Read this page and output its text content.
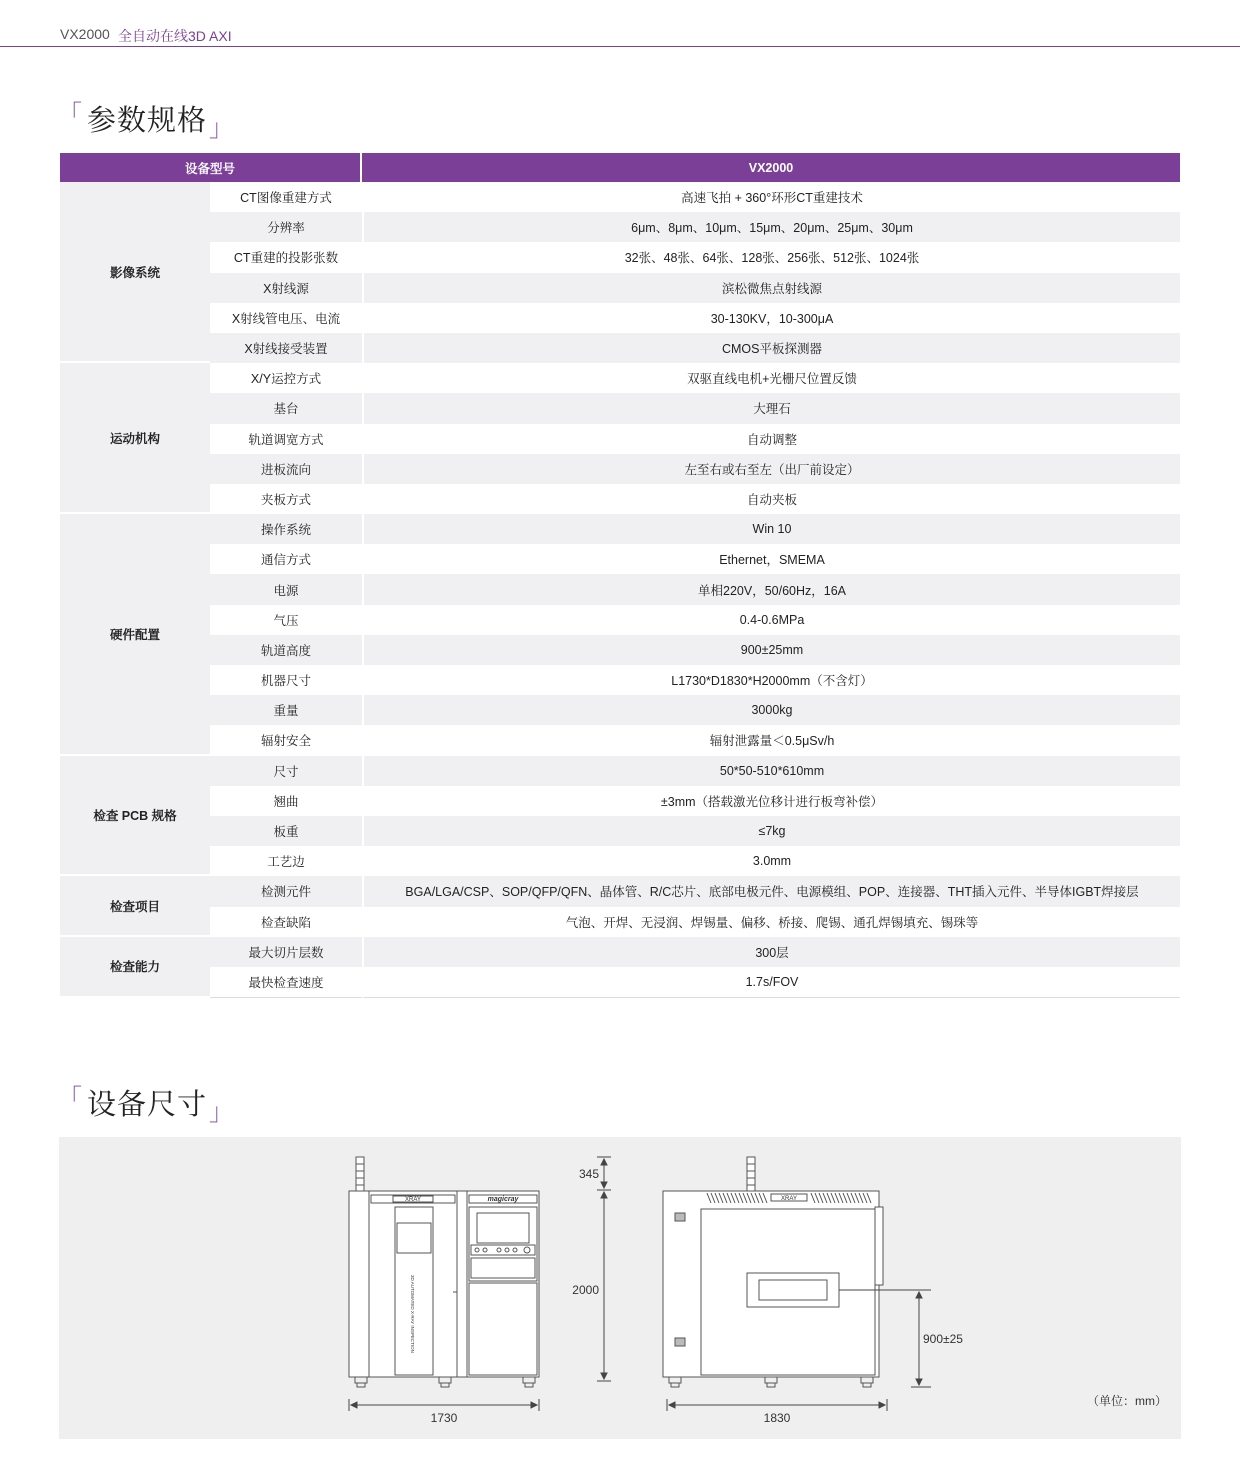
VX2000 全自动在线3D AXI
「 参数规格$_」$
设备型号		VX2000
影像系统	CT图像重建方式	高速飞拍 + 360°环形CT重建技术
	分辨率	6μm、8μm、10μm、15μm、20μm、25μm、30μm
	CT重建的投影张数	32张、48张、64张、128张、256张、512张、1024张
	X射线源	滨松微焦点射线源
	X射线管电压、电流	30-130KV，10-300μA
	X射线接受装置	CMOS平板探测器
运动机构	X/Y运控方式	双驱直线电机+光栅尺位置反馈
	基台	大理石
	轨道调宽方式	自动调整
	进板流向	左至右或右至左（出厂前设定）
	夹板方式	自动夹板
硬件配置	操作系统	Win 10
	通信方式	Ethernet，SMEMA
	电源	单相220V，50/60Hz，16A
	气压	0.4-0.6MPa
	轨道高度	900±25mm
	机器尺寸	L1730*D1830*H2000mm（不含灯）
	重量	3000kg
	辐射安全	辐射泄露量＜0.5μSv/h
检查 PCB 规格	尺寸	50*50-510*610mm
	翘曲	±3mm（搭载激光位移计进行板弯补偿）
	板重	≤7kg
	工艺边	3.0mm
检查项目	检测元件	BGA/LGA/CSP、SOP/QFP/QFN、晶体管、R/C芯片、底部电极元件、电源模组、POP、连接器、THT插入元件、半导体IGBT焊接层
	检查缺陷	气泡、开焊、无浸润、焊锡量、偏移、桥接、爬锡、通孔焊锡填充、锡珠等
检查能力	最大切片层数	300层
	最快检查速度	1.7s/FOV
「 设备尺寸$_」$
XRAY	magicray	XRAY
3D AUTOMATED X-RAY INSPECTION
1730	1830
345
2000
900±25
（单位：mm）
